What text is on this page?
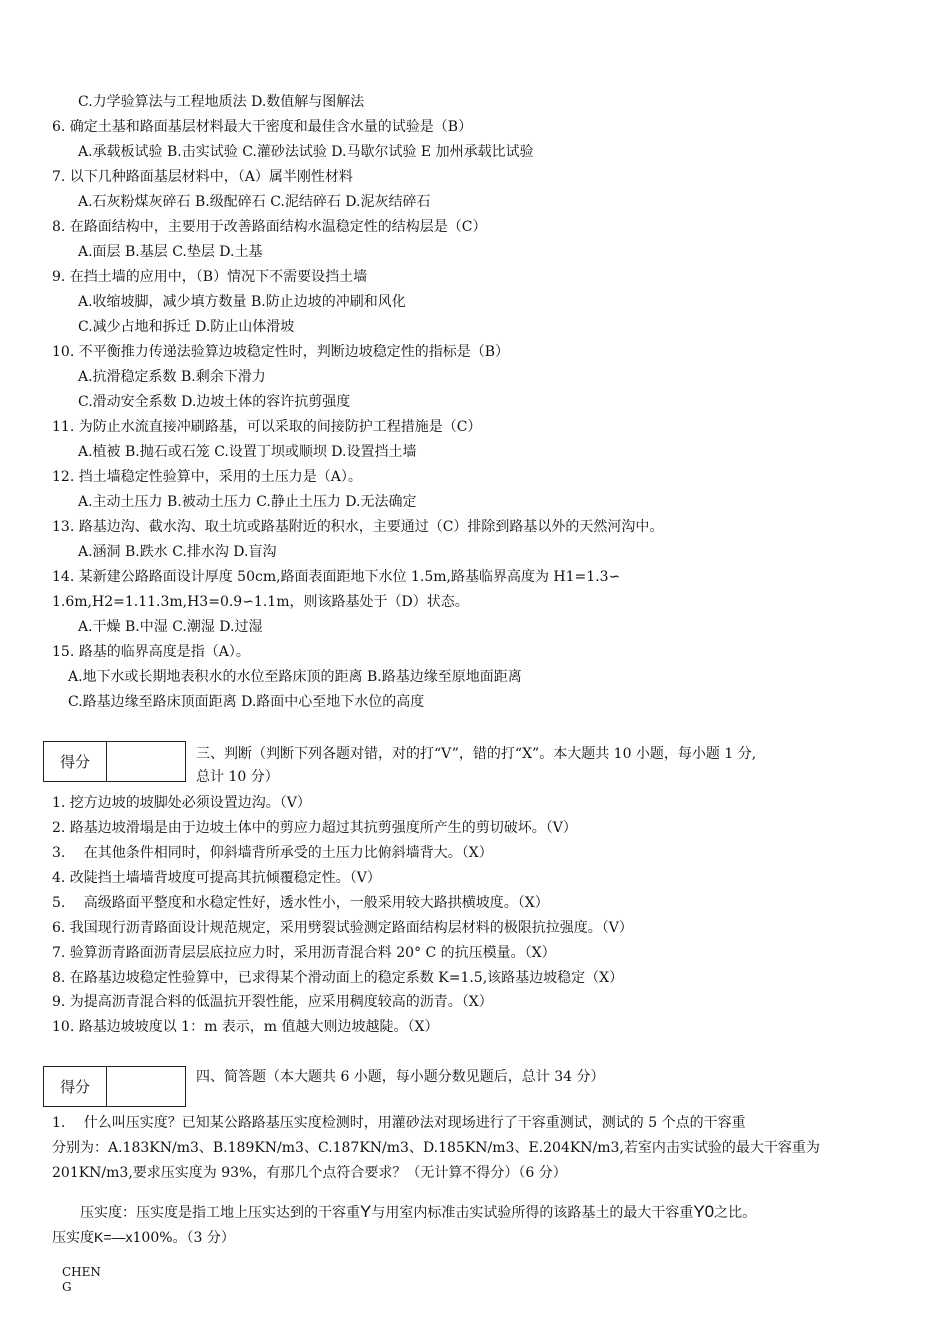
C.力学验算法与工程地质法 D.数值解与图解法
6. 确定土基和路面基层材料最大干密度和最佳含水量的试验是（B）
A.承载板试验 B.击实试验 C.灌砂法试验 D.马歇尔试验 E 加州承载比试验
7. 以下几种路面基层材料中，（A）属半刚性材料
A.石灰粉煤灰碎石 B.级配碎石 C.泥结碎石 D.泥灰结碎石
8. 在路面结构中，主要用于改善路面结构水温稳定性的结构层是（C）
A.面层 B.基层 C.垫层 D.土基
9. 在挡土墙的应用中，（B）情况下不需要设挡土墙
A.收缩坡脚，减少填方数量 B.防止边坡的冲刷和风化
C.减少占地和拆迁 D.防止山体滑坡
10. 不平衡推力传递法验算边坡稳定性时，判断边坡稳定性的指标是（B）
A.抗滑稳定系数 B.剩余下滑力
C.滑动安全系数 D.边坡土体的容许抗剪强度
11. 为防止水流直接冲刷路基，可以采取的间接防护工程措施是（C）
A.植被 B.抛石或石笼 C.设置丁坝或顺坝 D.设置挡土墙
12. 挡土墙稳定性验算中，采用的土压力是（A）。
A.主动土压力 B.被动土压力 C.静止土压力 D.无法确定
13. 路基边沟、截水沟、取土坑或路基附近的积水，主要通过（C）排除到路基以外的天然河沟中。
A.涵洞 B.跌水 C.排水沟 D.盲沟
14. 某新建公路路面设计厚度 50cm,路面表面距地下水位 1.5m,路基临界高度为 H1=1.3∽
1.6m,H2=1.11.3m,H3=0.9∽1.1m，则该路基处于（D）状态。
A.干燥 B.中湿 C.潮湿 D.过湿
15. 路基的临界高度是指（A）。
A.地下水或长期地表积水的水位至路床顶的距离 B.路基边缘至原地面距离
C.路基边缘至路床顶面距离 D.路面中心至地下水位的高度
得分	三、判断（判断下列各题对错，对的打“V”，错的打“X”。本大题共 10 小题，每小题 1 分,
总计 10 分）
1. 挖方边坡的坡脚处必须设置边沟。（V）
2. 路基边坡滑塌是由于边坡土体中的剪应力超过其抗剪强度所产生的剪切破坏。（V）
3.　 在其他条件相同时，仰斜墙背所承受的土压力比俯斜墙背大。（X）
4. 改陡挡土墙墙背坡度可提高其抗倾覆稳定性。（V）
5.　 高级路面平整度和水稳定性好，透水性小，一般采用较大路拱横坡度。（X）
6. 我国现行沥青路面设计规范规定，采用劈裂试验测定路面结构层材料的极限抗拉强度。（V）
7. 验算沥青路面沥青层层底拉应力时，采用沥青混合料 20° C 的抗压模量。（X）
8. 在路基边坡稳定性验算中，已求得某个滑动面上的稳定系数 K=1.5,该路基边坡稳定（X）
9. 为提高沥青混合料的低温抗开裂性能，应采用稠度较高的沥青。（X）
10. 路基边坡坡度以 1：m 表示，m 值越大则边坡越陡。（X）
得分
四、简答题（本大题共 6 小题，每小题分数见题后，总计 34 分）
1.　 什么叫压实度？已知某公路路基压实度检测时，用灌砂法对现场进行了干容重测试，测试的 5 个点的干容重
分别为：A.183KN/m3、B.189KN/m3、C.187KN/m3、D.185KN/m3、E.204KN/m3,若室内击实试验的最大干容重为
201KN/m3,要求压实度为 93%，有那几个点符合要求？（无计算不得分）（6 分）
压实度：压实度是指工地上压实达到的干容重Y与用室内标准击实试验所得的该路基土的最大干容重Y0之比。
压实度K=—x100%。（3 分）
CHEN
G
